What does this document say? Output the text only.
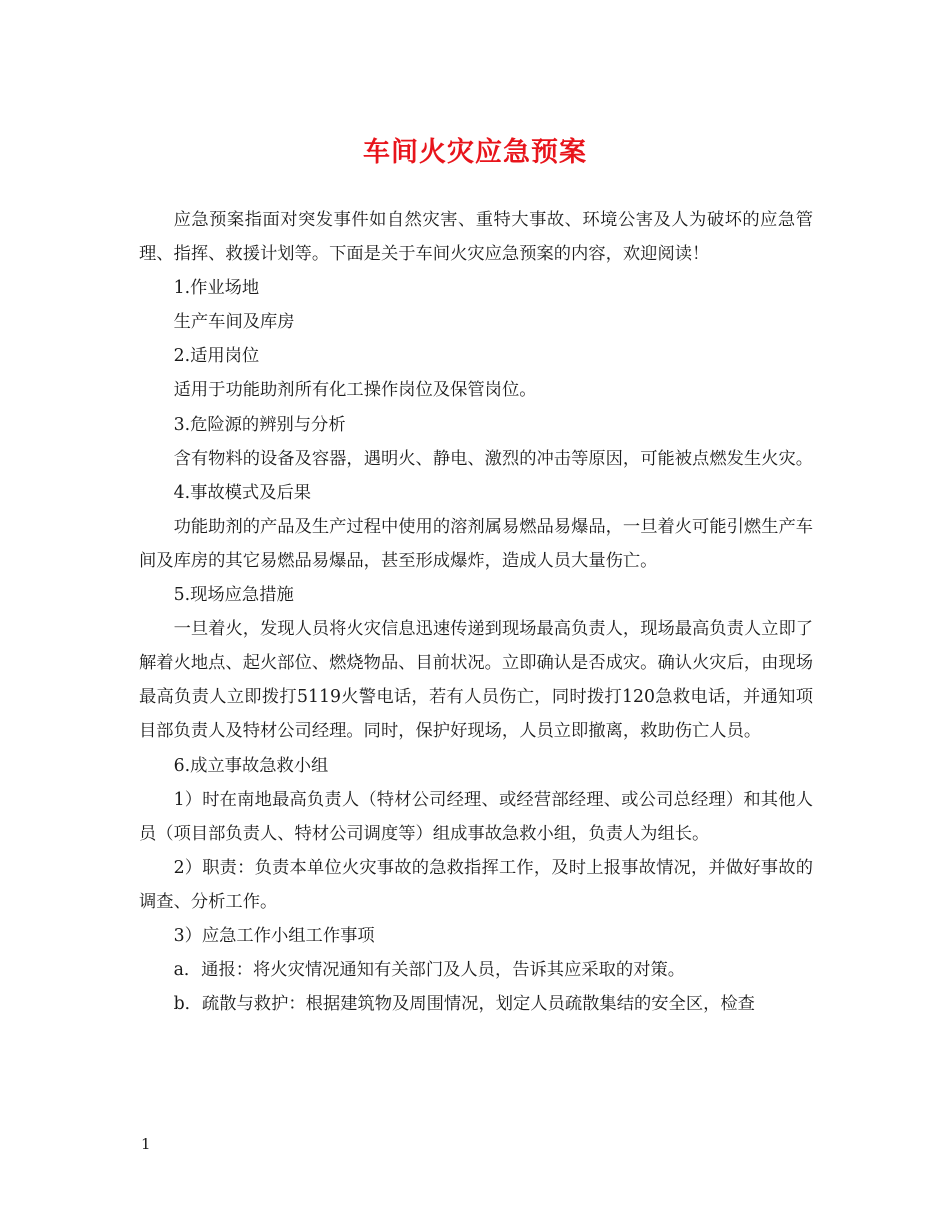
车间火灾应急预案

应急预案指面对突发事件如自然灾害、重特大事故、环境公害及人为破坏的应急管理、指挥、救援计划等。下面是关于车间火灾应急预案的内容，欢迎阅读！

1.作业场地

生产车间及库房

2.适用岗位

适用于功能助剂所有化工操作岗位及保管岗位。

3.危险源的辨别与分析

含有物料的设备及容器，遇明火、静电、激烈的冲击等原因，可能被点燃发生火灾。

4.事故模式及后果

功能助剂的产品及生产过程中使用的溶剂属易燃品易爆品，一旦着火可能引燃生产车间及库房的其它易燃品易爆品，甚至形成爆炸，造成人员大量伤亡。

5.现场应急措施

一旦着火，发现人员将火灾信息迅速传递到现场最高负责人，现场最高负责人立即了解着火地点、起火部位、燃烧物品、目前状况。立即确认是否成灾。确认火灾后，由现场最高负责人立即拨打5119火警电话，若有人员伤亡，同时拨打120急救电话，并通知项目部负责人及特材公司经理。同时，保护好现场，人员立即撤离，救助伤亡人员。

6.成立事故急救小组

1）时在南地最高负责人（特材公司经理、或经营部经理、或公司总经理）和其他人员（项目部负责人、特材公司调度等）组成事故急救小组，负责人为组长。

2）职责：负责本单位火灾事故的急救指挥工作，及时上报事故情况，并做好事故的调查、分析工作。

3）应急工作小组工作事项

a．通报：将火灾情况通知有关部门及人员，告诉其应采取的对策。

b．疏散与救护：根据建筑物及周围情况，划定人员疏散集结的安全区，检查

1
